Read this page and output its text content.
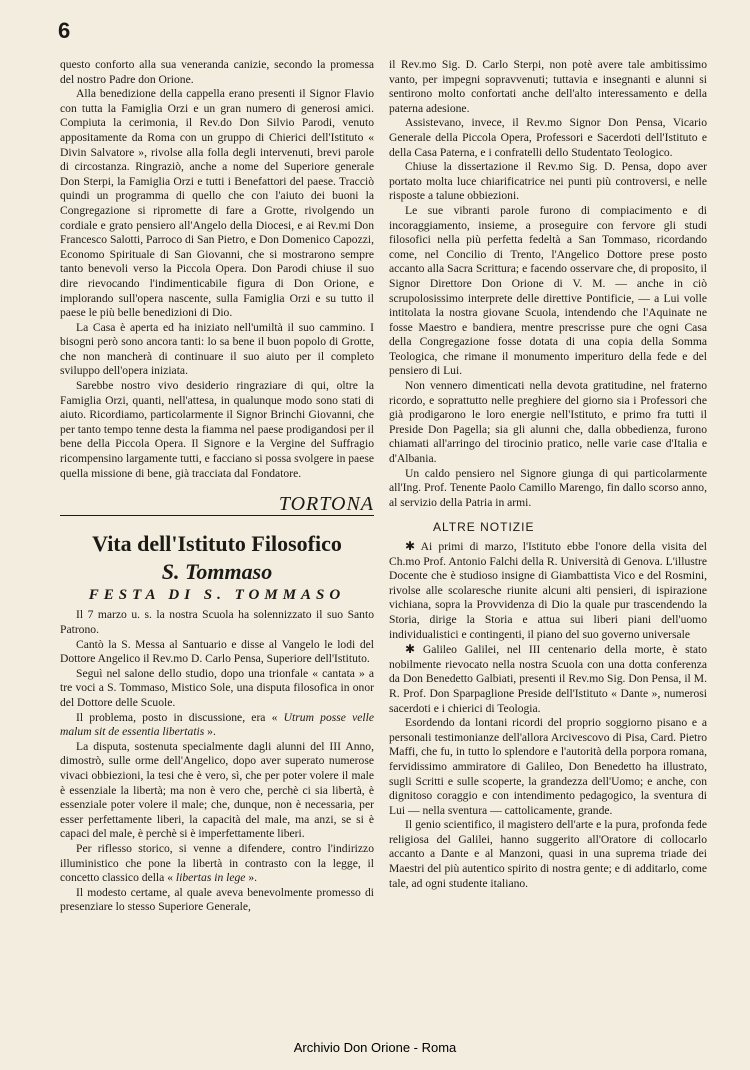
6

questo conforto alla sua veneranda canizie, secondo la promessa del nostro Padre don Orione.

Alla benedizione della cappella erano presenti il Signor Flavio con tutta la Famiglia Orzi e un gran numero di generosi amici. Compiuta la cerimonia, il Rev.do Don Silvio Parodi, venuto appositamente da Roma con un gruppo di Chierici dell'Istituto « Divin Salvatore », rivolse alla folla degli intervenuti, brevi parole di circostanza. Ringraziò, anche a nome del Superiore generale Don Sterpi, la Famiglia Orzi e tutti i Benefattori del paese. Tracciò quindi un programma di quello che con l'aiuto dei buoni la Congregazione si ripromette di fare a Grotte, rivolgendo un cordiale e grato pensiero all'Angelo della Diocesi, e ai Rev.mi Don Francesco Salotti, Parroco di San Pietro, e Don Domenico Capozzi, Economo Spirituale di San Giovanni, che si mostrarono sempre tanto benevoli verso la Piccola Opera. Don Parodi chiuse il suo dire rievocando l'indimenticabile figura di Don Orione, e implorando sull'opera nascente, sulla Famiglia Orzi e su tutto il paese le più belle benedizioni di Dio.

La Casa è aperta ed ha iniziato nell'umiltà il suo cammino. I bisogni però sono ancora tanti: lo sa bene il buon popolo di Grotte, che non mancherà di continuare il suo aiuto per il completo sviluppo dell'opera iniziata.

Sarebbe nostro vivo desiderio ringraziare di qui, oltre la Famiglia Orzi, quanti, nell'attesa, in qualunque modo sono stati di aiuto. Ricordiamo, particolarmente il Signor Brinchi Giovanni, che per tanto tempo tenne desta la fiamma nel paese prodigandosi per il bene della Piccola Opera. Il Signore e la Vergine del Suffragio ricompensino largamente tutti, e facciano si possa svolgere in paese quella missione di bene, già tracciata dal Fondatore.

TORTONA
Vita dell'Istituto Filosofico
S. Tommaso
FESTA DI S. TOMMASO

Il 7 marzo u. s. la nostra Scuola ha solennizzato il suo Santo Patrono.

Cantò la S. Messa al Santuario e disse al Vangelo le lodi del Dottore Angelico il Rev.mo D. Carlo Pensa, Superiore dell'Istituto.

Seguì nel salone dello studio, dopo una trionfale « cantata » a tre voci a S. Tommaso, Mistico Sole, una disputa filosofica in onor del Dottore delle Scuole.

Il problema, posto in discussione, era « Utrum posse velle malum sit de essentia libertatis ».

La disputa, sostenuta specialmente dagli alunni del III Anno, dimostrò, sulle orme dell'Angelico, dopo aver superato numerose vivaci obbiezioni, la tesi che è vero, sì, che per poter volere il male è essenziale la libertà; ma non è vero che, perchè ci sia libertà, è essenziale poter volere il male; che, dunque, non è necessaria, per esser perfettamente liberi, la capacità del male, ma anzi, se si è capaci del male, è perchè si è imperfettamente liberi.

Per riflesso storico, si venne a difendere, contro l'indirizzo illuministico che pone la libertà in contrasto con la legge, il concetto classico della « libertas in lege ».

Il modesto certame, al quale aveva benevolmente promesso di presenziare lo stesso Superiore Generale,

il Rev.mo Sig. D. Carlo Sterpi, non potè avere tale ambitissimo vanto, per impegni sopravvenuti; tuttavia e insegnanti e alunni si sentirono molto confortati anche dell'alto interessamento e della paterna adesione.

Assistevano, invece, il Rev.mo Signor Don Pensa, Vicario Generale della Piccola Opera, Professori e Sacerdoti dell'Istituto e della Casa Paterna, e i confratelli dello Studentato Teologico.

Chiuse la dissertazione il Rev.mo Sig. D. Pensa, dopo aver portato molta luce chiarificatrice nei punti più controversi, e nelle risposte a talune obbiezioni.

Le sue vibranti parole furono di compiacimento e di incoraggiamento, insieme, a proseguire con fervore gli studi filosofici nella più perfetta fedeltà a San Tommaso, ricordando come, nel Concilio di Trento, l'Angelico Dottore prese posto accanto alla Sacra Scrittura; e facendo osservare che, di proposito, il Signor Direttore Don Orione di V. M. — anche in ciò scrupolosissimo interprete delle direttive Pontificie, — a Lui volle intitolata la nostra giovane Scuola, intendendo che l'Aquinate ne fosse Maestro e bandiera, mentre prescrisse pure che ogni Casa della Congregazione fosse dotata di una copia della Somma Teologica, che rimane il monumento imperituro della fede e del pensiero di Lui.

Non vennero dimenticati nella devota gratitudine, nel fraterno ricordo, e soprattutto nelle preghiere del giorno sia i Professori che già prodigarono le loro energie nell'Istituto, e primo fra tutti il Preside Don Pagella; sia gli alunni che, dalla obbedienza, furono chiamati all'arringo del tirocinio pratico, nelle varie case d'Italia e d'Albania.

Un caldo pensiero nel Signore giunga di qui particolarmente all'Ing. Prof. Tenente Paolo Camillo Marengo, fin dallo scorso anno, al servizio della Patria in armi.

ALTRE NOTIZIE

✱ Ai primi di marzo, l'Istituto ebbe l'onore della visita del Ch.mo Prof. Antonio Falchi della R. Università di Genova. L'illustre Docente che è studioso insigne di Giambattista Vico e del Rosmini, rivolse alle scolaresche riunite alcuni alti pensieri, di ispirazione vichiana, sopra la Provvidenza di Dio la quale pur trascendendo la Storia, dirige la Storia e attua sui liberi piani dell'uomo individualistici e contingenti, il piano del suo governo universale

✱ Galileo Galilei, nel III centenario della morte, è stato nobilmente rievocato nella nostra Scuola con una dotta conferenza da Don Benedetto Galbiati, presenti il Rev.mo Sig. Don Pensa, il M. R. Prof. Don Sparpaglione Preside dell'Istituto « Dante », numerosi sacerdoti e i chierici di Teologia.

Esordendo da lontani ricordi del proprio soggiorno pisano e a personali testimonianze dell'allora Arcivescovo di Pisa, Card. Pietro Maffi, che fu, in tutto lo splendore e l'autorità della porpora romana, fervidissimo ammiratore di Galileo, Don Benedetto ha illustrato, sugli Scritti e sulle scoperte, la grandezza dell'Uomo; e anche, con dignitoso coraggio e con intendimento pedagogico, la sventura di Lui — nella sventura — cattolicamente, grande.

Il genio scientifico, il magistero dell'arte e la pura, profonda fede religiosa del Galilei, hanno suggerito all'Oratore di collocarlo accanto a Dante e al Manzoni, quasi in una suprema triade dei Maestri del più autentico spirito di nostra gente; e di additarlo, come tale, ad ogni studente italiano.

Archivio Don Orione - Roma
